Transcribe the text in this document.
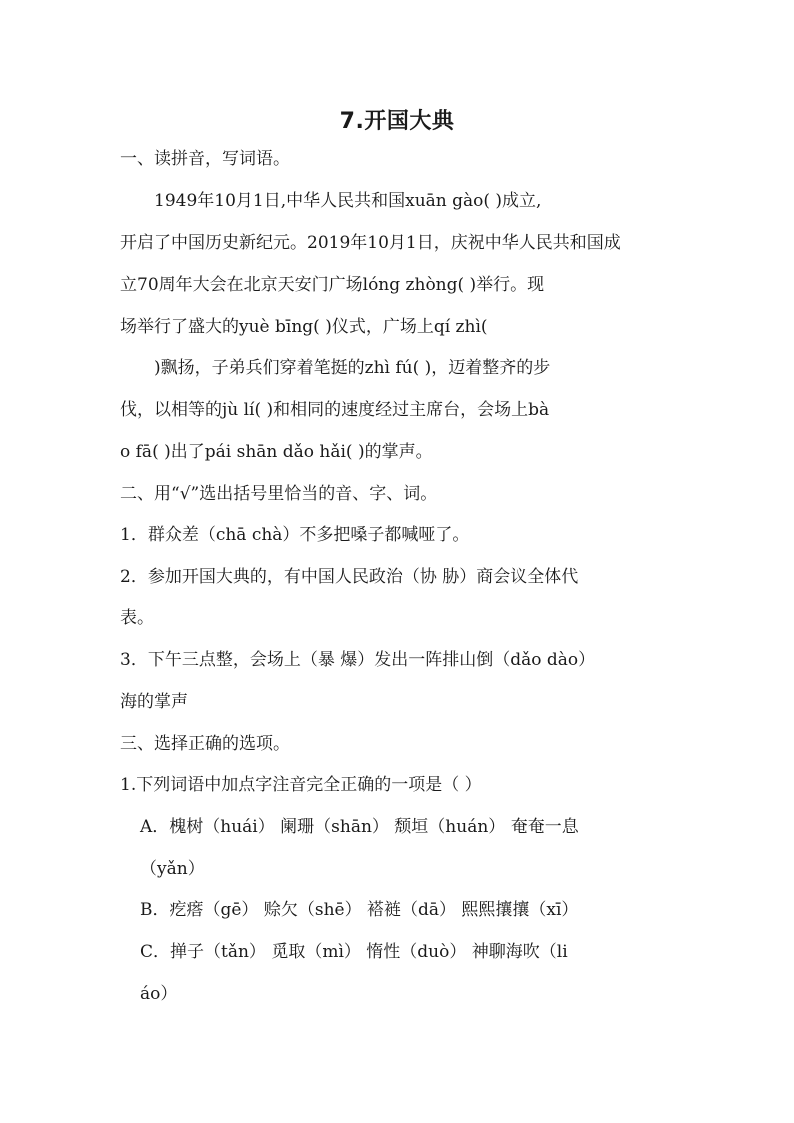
7.开国大典
一、读拼音，写词语。
1949年10月1日,中华人民共和国xuān gào( )成立,
开启了中国历史新纪元。2019年10月1日，庆祝中华人民共和国成
立70周年大会在北京天安门广场lóng zhòng( )举行。现
场举行了盛大的yuè bīng( )仪式，广场上qí zhì(
)飘扬，子弟兵们穿着笔挺的zhì fú( )，迈着整齐的步
伐，以相等的jù lí( )和相同的速度经过主席台，会场上bà
o fā( )出了pái shān dǎo hǎi( )的掌声。
二、用“√”选出括号里恰当的音、字、词。
1．群众差（chā chà）不多把嗓子都喊哑了。
2．参加开国大典的，有中国人民政治（协 胁）商会议全体代
表。
3．下午三点整，会场上（暴 爆）发出一阵排山倒（dǎo dào）
海的掌声
三、选择正确的选项。
1.下列词语中加点字注音完全正确的一项是（ ）
A．槐树（huái） 阑珊（shān） 颓垣（huán） 奄奄一息
（yǎn）
B．疙瘩（gē） 赊欠（shē） 褡裢（dā） 熙熙攘攘（xī）
C．掸子（tǎn） 觅取（mì） 惰性（duò） 神聊海吹（li
áo）
